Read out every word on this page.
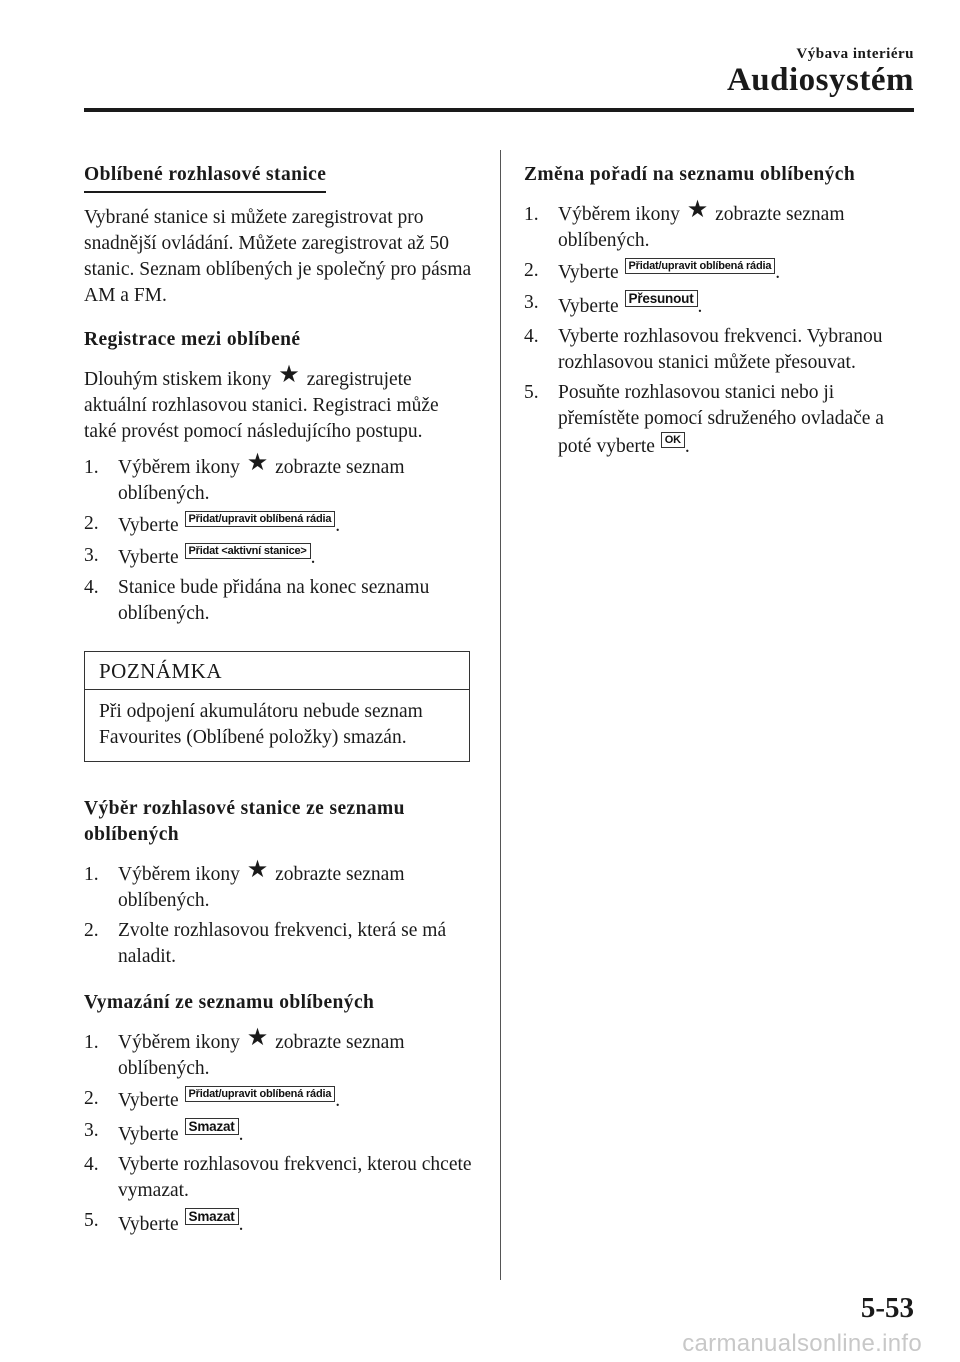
Výbava interiéru
Audiosystém
Oblíbené rozhlasové stanice

Vybrané stanice si můžete zaregistrovat pro snadnější ovládání. Můžete zaregistrovat až 50 stanic. Seznam oblíbených je společný pro pásma AM a FM.

Registrace mezi oblíbené

Dlouhým stiskem ikony ★ zaregistrujete aktuální rozhlasovou stanici. Registraci může také provést pomocí následujícího postupu.

1. Výběrem ikony ★ zobrazte seznam oblíbených.
2. Vyberte Přidat/upravit oblíbená rádia .
3. Vyberte Přidat <aktivní stanice> .
4. Stanice bude přidána na konec seznamu oblíbených.
POZNÁMKA
Při odpojení akumulátoru nebude seznam Favourites (Oblíbené položky) smazán.
Výběr rozhlasové stanice ze seznamu oblíbených
1. Výběrem ikony ★ zobrazte seznam oblíbených.
2. Zvolte rozhlasovou frekvenci, která se má naladit.
Vymazání ze seznamu oblíbených
1. Výběrem ikony ★ zobrazte seznam oblíbených.
2. Vyberte Přidat/upravit oblíbená rádia .
3. Vyberte Smazat .
4. Vyberte rozhlasovou frekvenci, kterou chcete vymazat.
5. Vyberte Smazat .
Změna pořadí na seznamu oblíbených
1. Výběrem ikony ★ zobrazte seznam oblíbených.
2. Vyberte Přidat/upravit oblíbená rádia .
3. Vyberte Přesunout .
4. Vyberte rozhlasovou frekvenci. Vybranou rozhlasovou stanici můžete přesouvat.
5. Posuňte rozhlasovou stanici nebo ji přemístěte pomocí sdruženého ovladače a poté vyberte OK .
5-53
carmanualsonline.info
